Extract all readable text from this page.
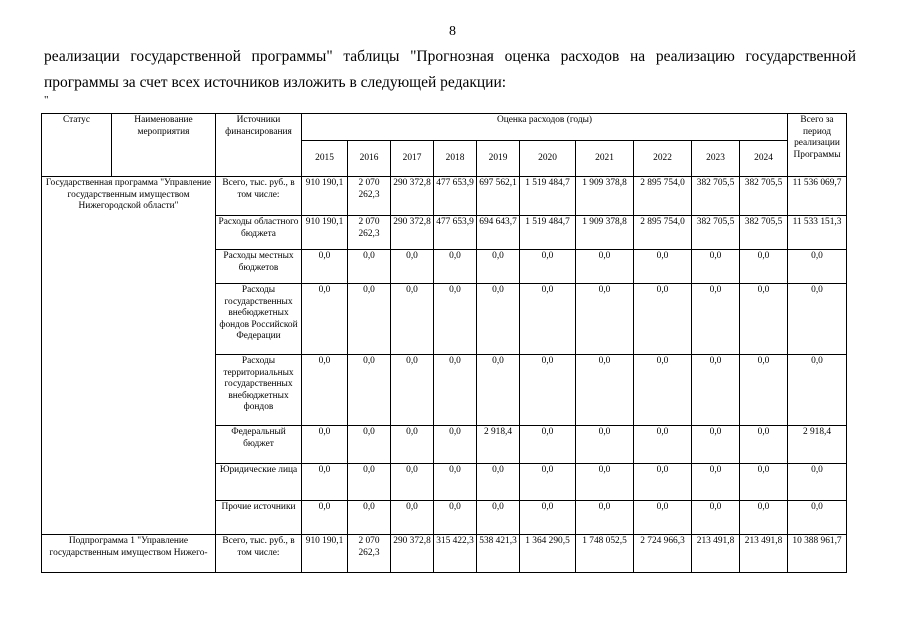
8
реализации государственной программы" таблицы "Прогнозная оценка расходов на реализацию государственной программы за счет всех источников изложить в следующей редакции:
"
Статус	Наименование мероприятия	Источники финансирования	Оценка расходов (годы)										Всего за период реализации Программы
			2015	2016	2017	2018	2019	2020	2021	2022	2023	2024	
Государственная программа "Управление государственным имуществом Нижегородской области"		Всего, тыс. руб., в том числе:	910 190,1	2 070 262,3	290 372,8	477 653,9	697 562,1	1 519 484,7	1 909 378,8	2 895 754,0	382 705,5	382 705,5	11 536 069,7
		Расходы областного бюджета	910 190,1	2 070 262,3	290 372,8	477 653,9	694 643,7	1 519 484,7	1 909 378,8	2 895 754,0	382 705,5	382 705,5	11 533 151,3
		Расходы местных бюджетов	0,0	0,0	0,0	0,0	0,0	0,0	0,0	0,0	0,0	0,0	0,0
		Расходы государственных внебюджетных фондов Российской Федерации	0,0	0,0	0,0	0,0	0,0	0,0	0,0	0,0	0,0	0,0	0,0
		Расходы территориальных государственных внебюджетных фондов	0,0	0,0	0,0	0,0	0,0	0,0	0,0	0,0	0,0	0,0	0,0
		Федеральный бюджет	0,0	0,0	0,0	0,0	2 918,4	0,0	0,0	0,0	0,0	0,0	2 918,4
		Юридические лица	0,0	0,0	0,0	0,0	0,0	0,0	0,0	0,0	0,0	0,0	0,0
		Прочие источники	0,0	0,0	0,0	0,0	0,0	0,0	0,0	0,0	0,0	0,0	0,0
Подпрограмма 1 "Управление государственным имуществом Нижего-		Всего, тыс. руб., в том числе:	910 190,1	2 070 262,3	290 372,8	315 422,3	538 421,3	1 364 290,5	1 748 052,5	2 724 966,3	213 491,8	213 491,8	10 388 961,7
